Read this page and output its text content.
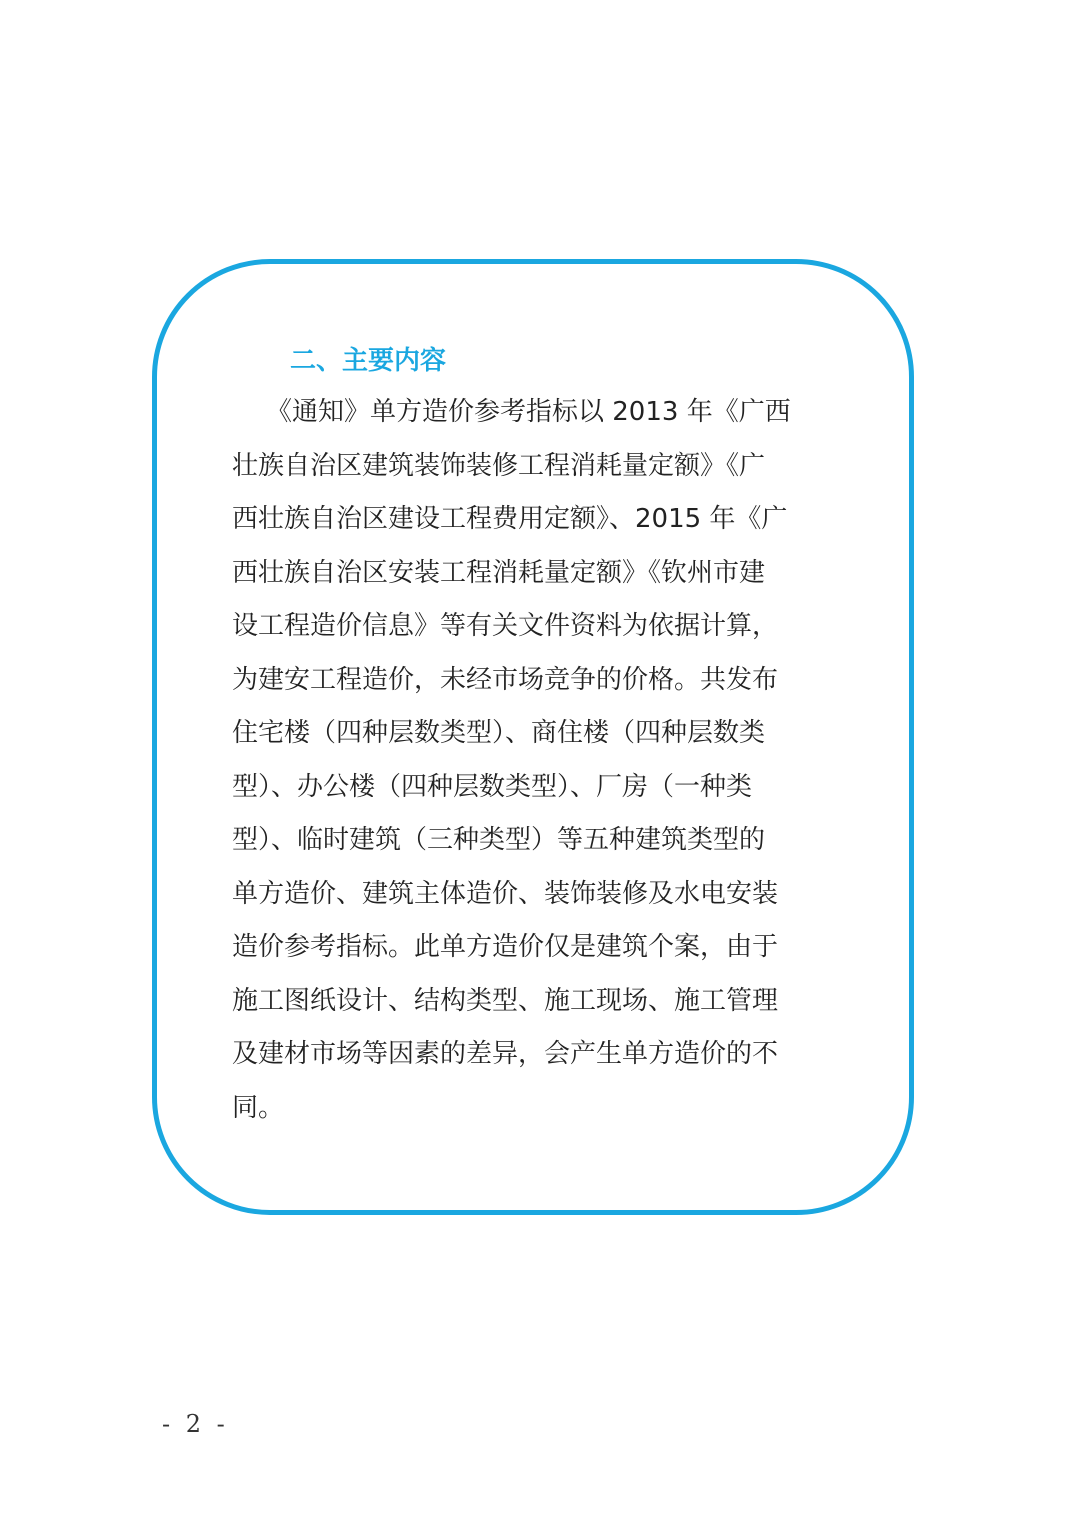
二、主要内容
《通知》单方造价参考指标以 2013 年《广西
壮族自治区建筑装饰装修工程消耗量定额》《广
西壮族自治区建设工程费用定额》、2015 年《广
西壮族自治区安装工程消耗量定额》《钦州市建
设工程造价信息》等有关文件资料为依据计算，
为建安工程造价，未经市场竞争的价格。共发布
住宅楼（四种层数类型）、商住楼（四种层数类
型）、办公楼（四种层数类型）、厂房（一种类
型）、临时建筑（三种类型）等五种建筑类型的
单方造价、建筑主体造价、装饰装修及水电安装
造价参考指标。此单方造价仅是建筑个案，由于
施工图纸设计、结构类型、施工现场、施工管理
及建材市场等因素的差异，会产生单方造价的不
同。
- 2 -
